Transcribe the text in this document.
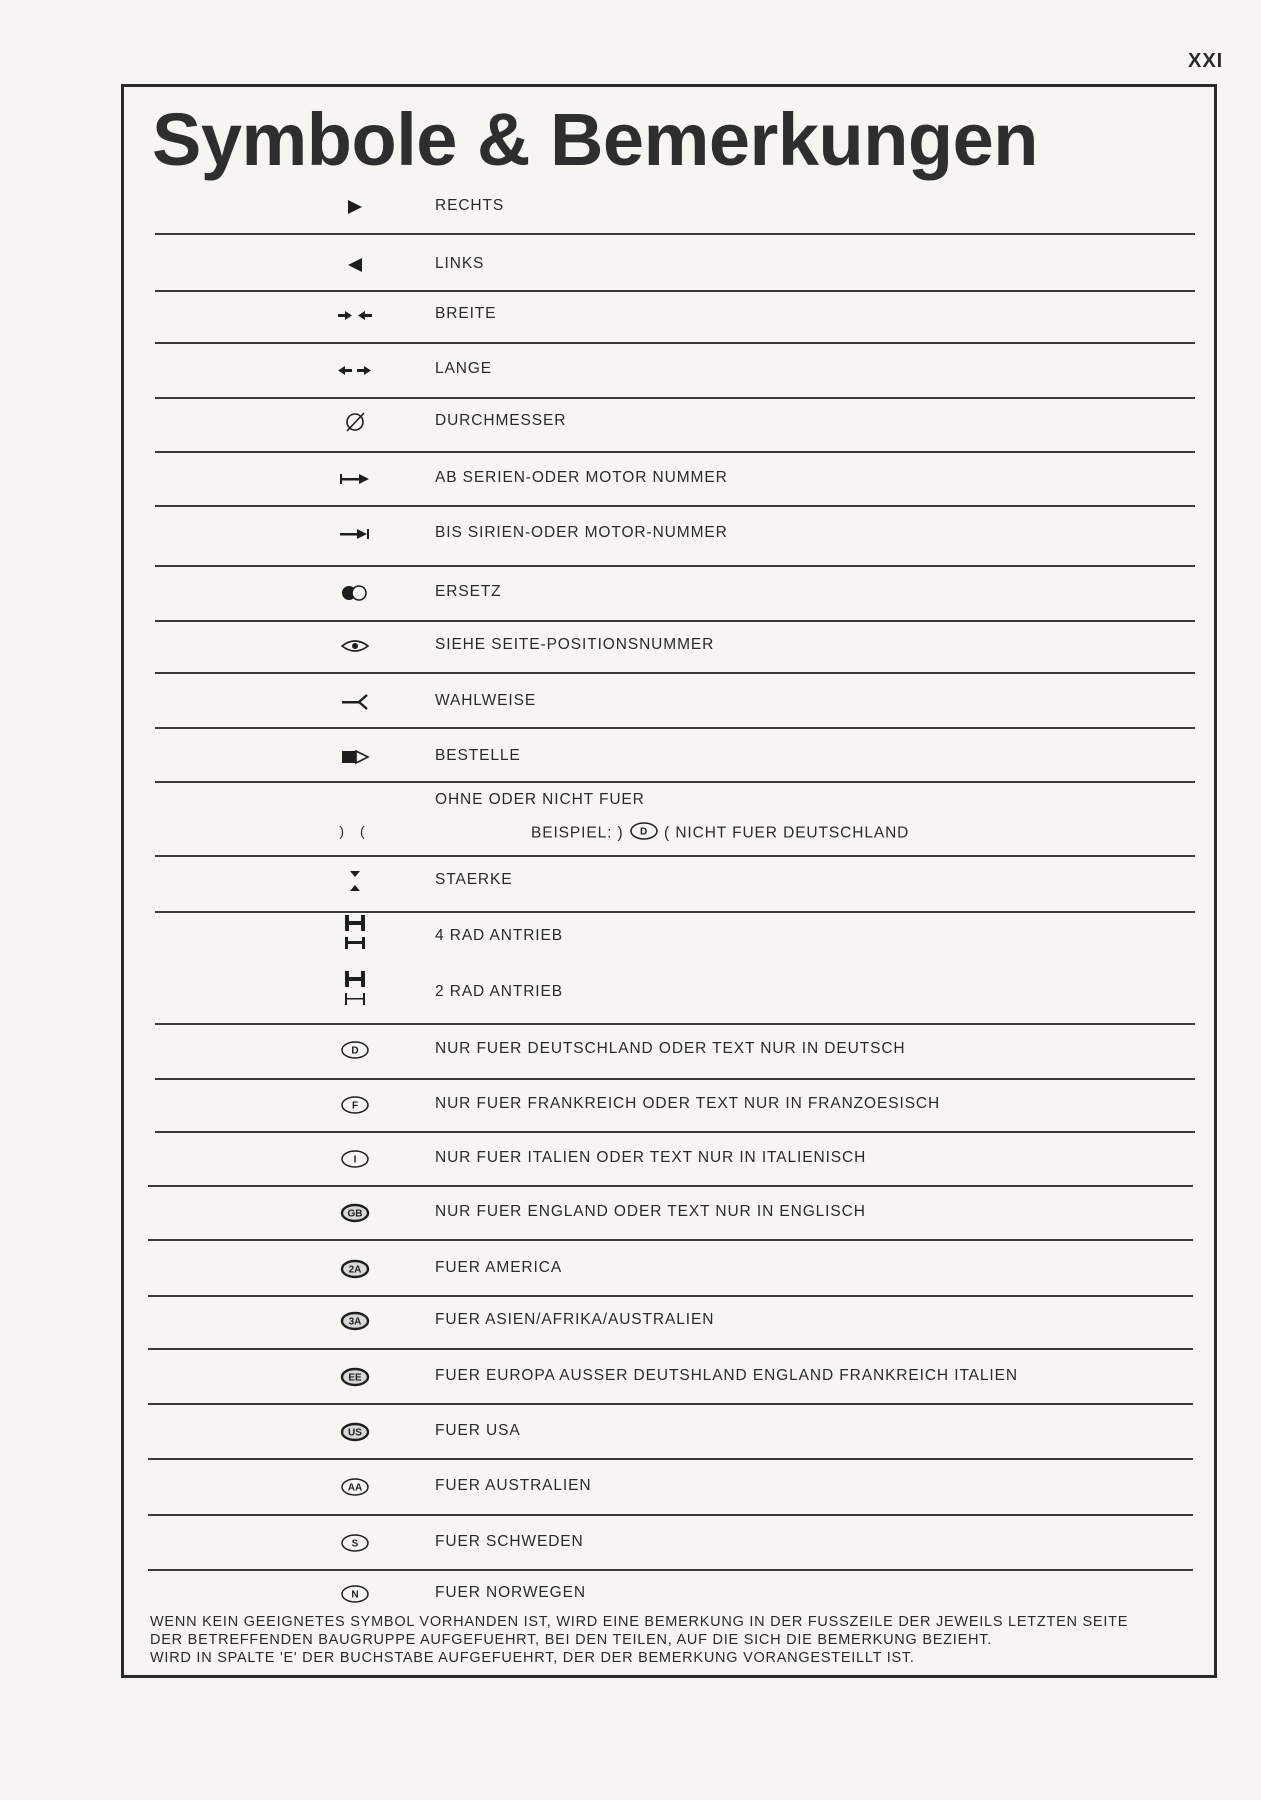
XXI
Symbole & Bemerkungen
RECHTS
LINKS
BREITE
LANGE
DURCHMESSER
AB SERIEN-ODER MOTOR NUMMER
BIS SIRIEN-ODER MOTOR-NUMMER
ERSETZ
SIEHE SEITE-POSITIONSNUMMER
WAHLWEISE
BESTELLE
) (
OHNE ODER NICHT FUER
BEISPIEL: ) D ( NICHT FUER DEUTSCHLAND
STAERKE
4 RAD ANTRIEB
2 RAD ANTRIEB
D	NUR FUER DEUTSCHLAND ODER TEXT NUR IN DEUTSCH
F	NUR FUER FRANKREICH ODER TEXT NUR IN FRANZOESISCH
I	NUR FUER ITALIEN ODER TEXT NUR IN ITALIENISCH
GB	NUR FUER ENGLAND ODER TEXT NUR IN ENGLISCH
2A	FUER AMERICA
3A	FUER ASIEN/AFRIKA/AUSTRALIEN
EE	FUER EUROPA AUSSER DEUTSHLAND ENGLAND FRANKREICH ITALIEN
US	FUER USA
AA	FUER AUSTRALIEN
S	FUER SCHWEDEN
N	FUER NORWEGEN
WENN KEIN GEEIGNETES SYMBOL VORHANDEN IST, WIRD EINE BEMERKUNG IN DER FUSSZEILE DER JEWEILS LETZTEN SEITE
DER BETREFFENDEN BAUGRUPPE AUFGEFUEHRT, BEI DEN TEILEN, AUF DIE SICH DIE BEMERKUNG BEZIEHT.
WIRD IN SPALTE 'E' DER BUCHSTABE AUFGEFUEHRT, DER DER BEMERKUNG VORANGESTEILLT IST.
